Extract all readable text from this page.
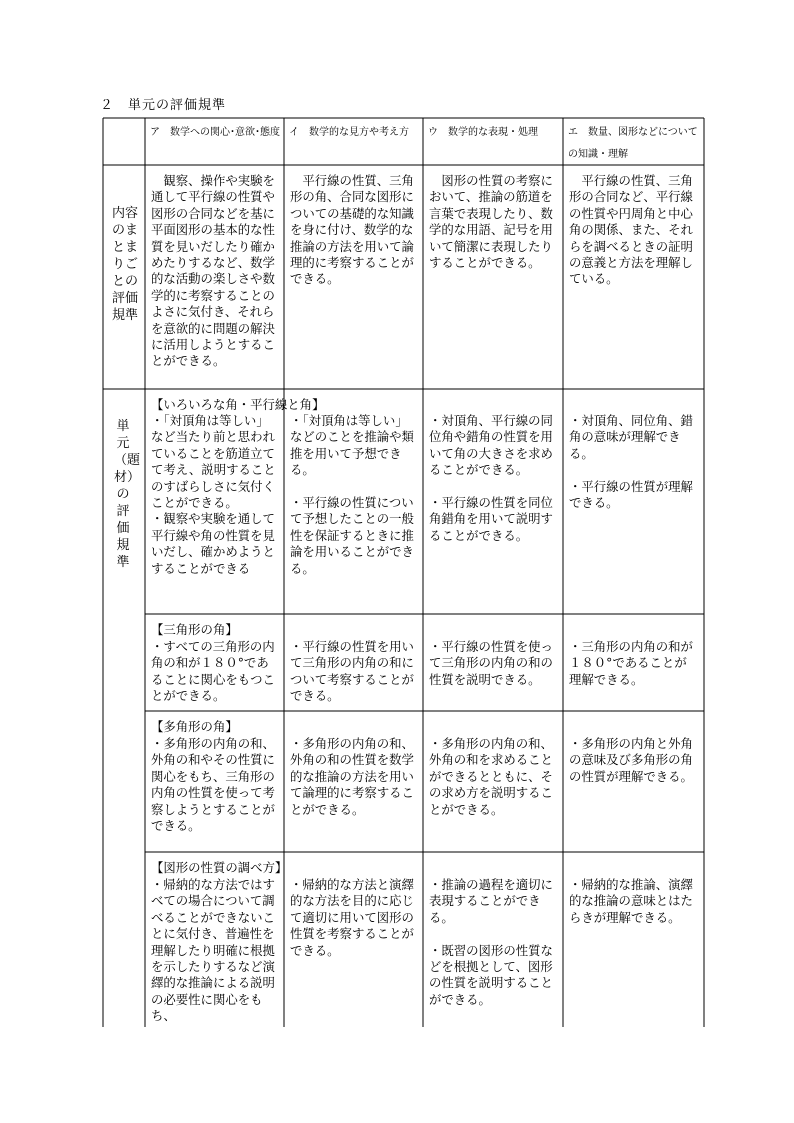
２　単元の評価規準
ア　数学への関心･意欲･態度 イ　数学的な見方や考え方	ウ　数学的な表現・処理	エ　数量、図形などについての知識・理解
内容のまとまりごとの評価規準
単元（題材）の評価規準
　観察、操作や実験を通して平行線の性質や図形の合同などを基に平面図形の基本的な性質を見いだしたり確かめたりするなど、数学的な活動の楽しさや数学的に考察することのよさに気付き、それらを意欲的に問題の解決に活用しようとすることができる。
　平行線の性質、三角形の角、合同な図形についての基礎的な知識を身に付け、数学的な推論の方法を用いて論理的に考察することができる。
　図形の性質の考察において、推論の筋道を言葉で表現したり、数学的な用語、記号を用いて簡潔に表現したりすることができる。
　平行線の性質、三角形の合同など、平行線の性質や円周角と中心角の関係、また、それらを調べるときの証明の意義と方法を理解している。
【いろいろな角・平行線と角】
・「対頂角は等しい」など当たり前と思われていることを筋道立てて考え、説明することのすばらしさに気付くことができる。
・観察や実験を通して平行線や角の性質を見いだし、確かめようとすることができる
・「対頂角は等しい」などのことを推論や類推を用いて予想できる。

・平行線の性質について予想したことの一般性を保証するときに推論を用いることができる。
・対頂角、平行線の同位角や錯角の性質を用いて角の大きさを求めることができる。

・平行線の性質を同位角錯角を用いて説明することができる。
・対頂角、同位角、錯角の意味が理解できる。

・平行線の性質が理解できる。
【三角形の角】
・すべての三角形の内角の和が１８０°であることに関心をもつことができる。
・平行線の性質を用いて三角形の内角の和について考察することができる。
・平行線の性質を使って三角形の内角の和の性質を説明できる。
・三角形の内角の和が１８０°であることが理解できる。
【多角形の角】
・多角形の内角の和、外角の和やその性質に関心をもち、三角形の内角の性質を使って考察しようとすることができる。
・多角形の内角の和、外角の和の性質を数学的な推論の方法を用いて論理的に考察することができる。
・多角形の内角の和、外角の和を求めることができるとともに、その求め方を説明することができる。
・多角形の内角と外角の意味及び多角形の角の性質が理解できる。
【図形の性質の調べ方】
・帰納的な方法ではすべての場合について調べることができないことに気付き、普遍性を理解したり明確に根拠を示したりするなど演繹的な推論による説明の必要性に関心をもち、
・帰納的な方法と演繹的な方法を目的に応じて適切に用いて図形の性質を考察することができる。
・推論の過程を適切に表現することができる。

・既習の図形の性質などを根拠として、図形の性質を説明することができる。
・帰納的な推論、演繹的な推論の意味とはたらきが理解できる。
